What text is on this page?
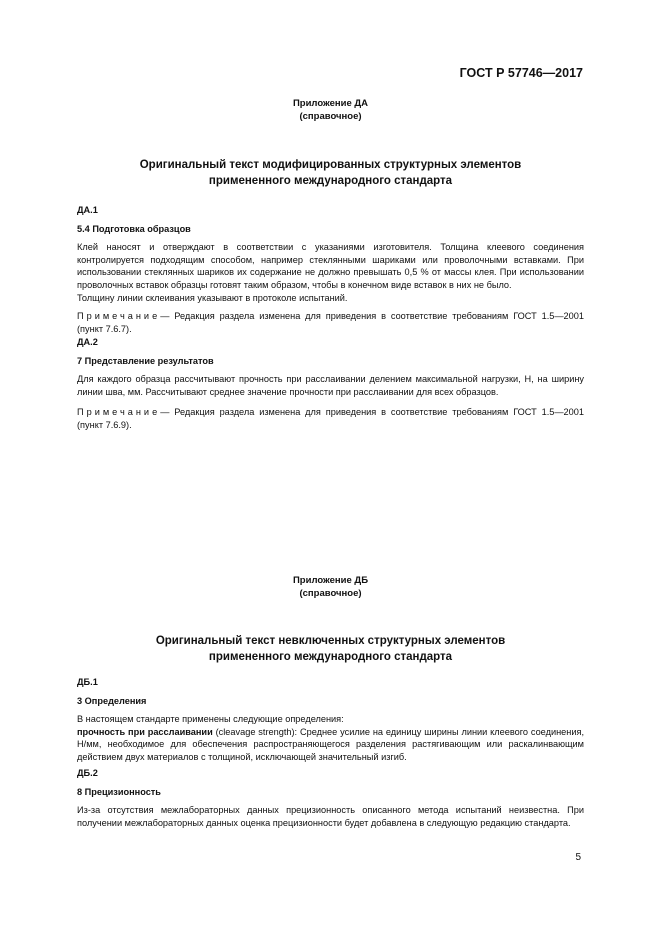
ГОСТ Р 57746—2017
Приложение ДА
(справочное)
Оригинальный текст модифицированных структурных элементов
примененного международного стандарта

ДА.1

5.4 Подготовка образцов

Клей наносят и отверждают в соответствии с указаниями изготовителя. Толщина клеевого соединения контролируется подходящим способом, например стеклянными шариками или проволочными вставками. При использовании стеклянных шариков их содержание не должно превышать 0,5 % от массы клея. При использовании проволочных вставок образцы готовят таким образом, чтобы в конечном виде вставок в них не было.

Толщину линии склеивания указывают в протоколе испытаний.

Примечание— Редакция раздела изменена для приведения в соответствие требованиям ГОСТ 1.5—2001 (пункт 7.6.7).

ДА.2

7 Представление результатов

Для каждого образца рассчитывают прочность при расслаивании делением максимальной нагрузки, Н, на ширину линии шва, мм. Рассчитывают среднее значение прочности при расслаивании для всех образцов.

Примечание— Редакция раздела изменена для приведения в соответствие требованиям ГОСТ 1.5—2001 (пункт 7.6.9).

Приложение ДБ
(справочное)
Оригинальный текст невключенных структурных элементов
примененного международного стандарта

ДБ.1

3 Определения

В настоящем стандарте применены следующие определения:

прочность при расслаивании (cleavage strength): Среднее усилие на единицу ширины линии клеевого соединения, Н/мм, необходимое для обеспечения распространяющегося разделения растягивающим или раскалинвающим действием двух материалов с толщиной, исключающей значительный изгиб.

ДБ.2

8 Прецизионность

Из-за отсутствия межлабораторных данных прецизионность описанного метода испытаний неизвестна. При получении межлабораторных данных оценка прецизионности будет добавлена в следующую редакцию стандарта.

5
